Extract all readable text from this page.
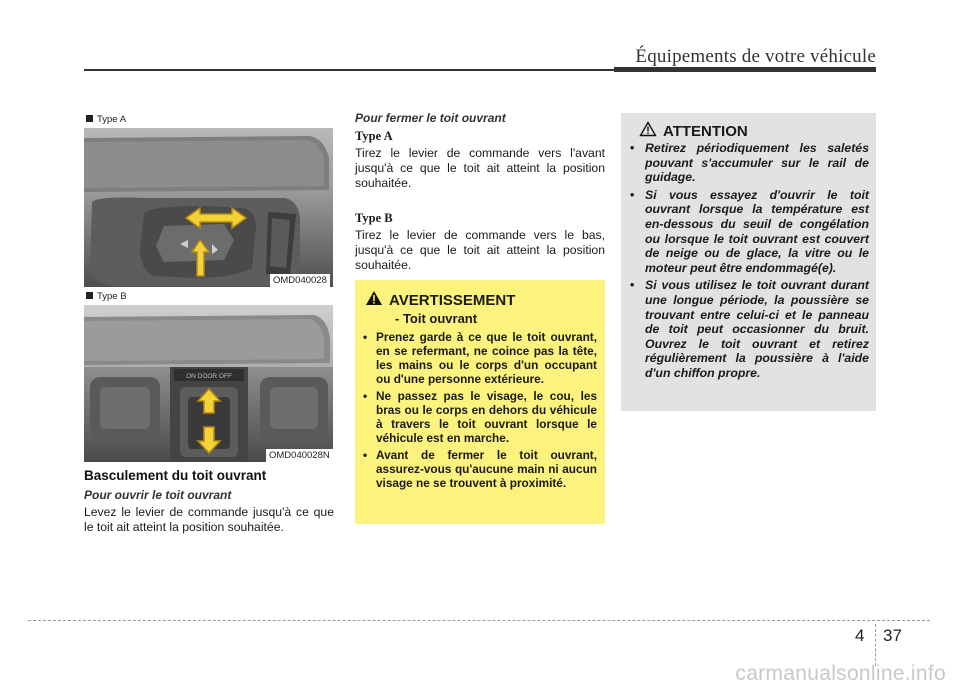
Équipements de votre véhicule
Type A
OMD040028
Type B
ON DOOR OFF
OMD040028N
Basculement du toit ouvrant
Pour ouvrir le toit ouvrant
Levez le levier de commande jusqu'à ce que le toit ait atteint la position souhaitée.
Pour fermer le toit ouvrant
Type A
Tirez le levier de commande vers l'avant jusqu'à ce que le toit ait atteint la position souhaitée.
Type B
Tirez le levier de commande vers le bas, jusqu'à ce que le toit ait atteint la position souhaitée.
AVERTISSEMENT
- Toit ouvrant
• Prenez garde à ce que le toit ouvrant, en se refermant, ne coince pas la tête, les mains ou le corps d'un occupant ou d'une personne extérieure.
• Ne passez pas le visage, le cou, les bras ou le corps en dehors du véhicule à travers le toit ouvrant lorsque le véhicule est en marche.
• Avant de fermer le toit ouvrant, assurez-vous qu'aucune main ni aucun visage ne se trouvent à proximité.
ATTENTION
• Retirez périodiquement les saletés pouvant s'accumuler sur le rail de guidage.
• Si vous essayez d'ouvrir le toit ouvrant lorsque la température est en-dessous du seuil de congélation ou lorsque le toit ouvrant est couvert de neige ou de glace, la vitre ou le moteur peut être endommagé(e).
• Si vous utilisez le toit ouvrant durant une longue période, la poussière se trouvant entre celui-ci et le panneau de toit peut occasionner du bruit. Ouvrez le toit ouvrant et retirez régulièrement la poussière à l'aide d'un chiffon propre.
4 37
carmanualsonline.info
